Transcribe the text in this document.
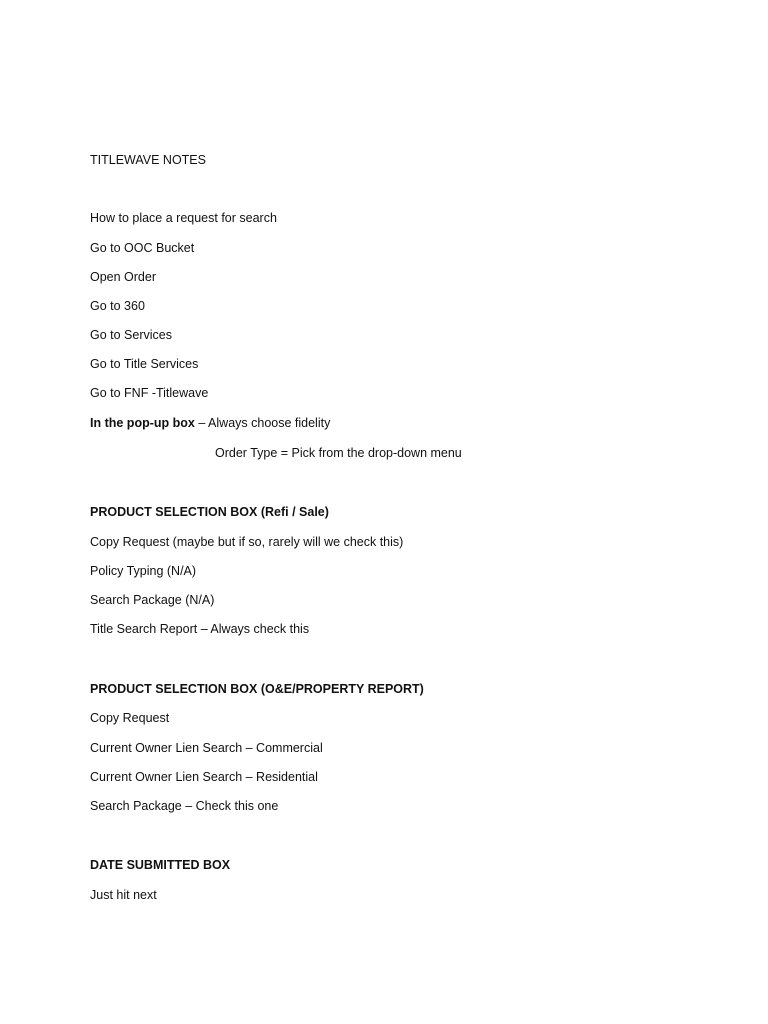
TITLEWAVE NOTES
How to place a request for search
Go to OOC Bucket
Open Order
Go to 360
Go to Services
Go to Title Services
Go to FNF -Titlewave
In the pop-up box – Always choose fidelity
Order Type = Pick from the drop-down menu
PRODUCT SELECTION BOX (Refi / Sale)
Copy Request (maybe but if so, rarely will we check this)
Policy Typing (N/A)
Search Package (N/A)
Title Search Report – Always check this
PRODUCT SELECTION BOX (O&E/PROPERTY REPORT)
Copy Request
Current Owner Lien Search – Commercial
Current Owner Lien Search – Residential
Search Package – Check this one
DATE SUBMITTED BOX
Just hit next
